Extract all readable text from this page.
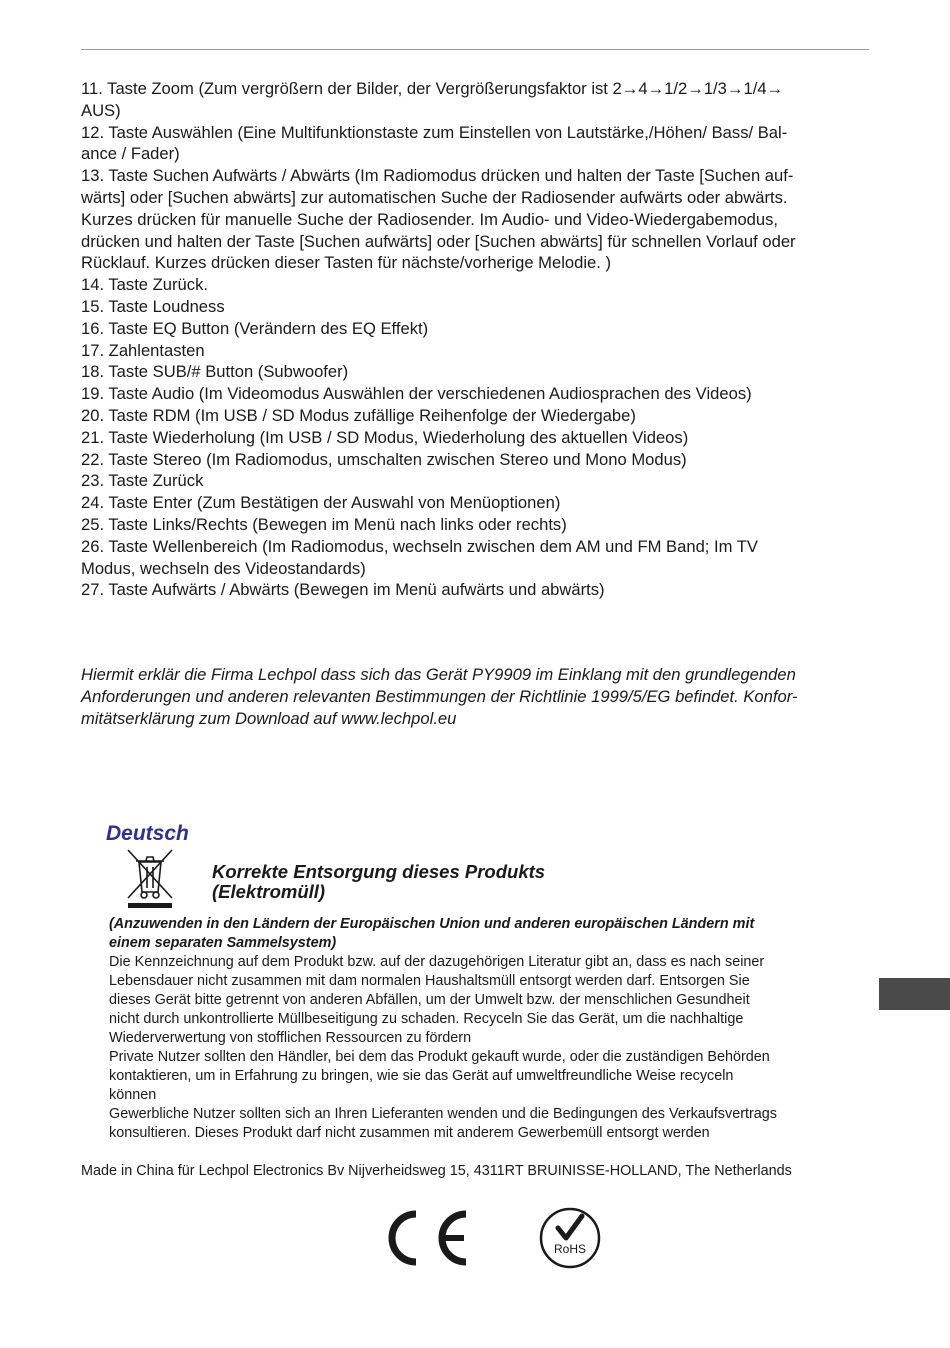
11. Taste Zoom (Zum vergrößern der Bilder, der Vergrößerungsfaktor ist 2→4→1/2→1/3→1/4→
AUS)
12. Taste Auswählen (Eine Multifunktionstaste zum Einstellen von Lautstärke,/Höhen/ Bass/ Bal-
ance / Fader)
13. Taste Suchen Aufwärts / Abwärts (Im Radiomodus drücken und halten der Taste [Suchen auf-
wärts] oder [Suchen abwärts] zur automatischen Suche der Radiosender aufwärts oder abwärts.
Kurzes drücken für manuelle Suche der Radiosender. Im Audio- und Video-Wiedergabemodus,
drücken und halten der Taste [Suchen aufwärts] oder [Suchen abwärts] für schnellen Vorlauf oder
Rücklauf. Kurzes drücken dieser Tasten für nächste/vorherige Melodie. )
14. Taste Zurück.
15. Taste Loudness
16. Taste EQ Button (Verändern des EQ Effekt)
17. Zahlentasten
18. Taste SUB/# Button (Subwoofer)
19. Taste Audio (Im Videomodus Auswählen der verschiedenen Audiosprachen des Videos)
20. Taste RDM (Im USB / SD Modus zufällige Reihenfolge der Wiedergabe)
21. Taste Wiederholung (Im USB / SD Modus, Wiederholung des aktuellen Videos)
22. Taste Stereo (Im Radiomodus, umschalten zwischen Stereo und Mono Modus)
23. Taste Zurück
24. Taste Enter (Zum Bestätigen der Auswahl von Menüoptionen)
25. Taste Links/Rechts (Bewegen im Menü nach links oder rechts)
26. Taste Wellenbereich (Im Radiomodus, wechseln zwischen dem AM und FM Band; Im TV
Modus, wechseln des Videostandards)
27. Taste Aufwärts / Abwärts (Bewegen im Menü aufwärts und abwärts)
Hiermit erklär die Firma Lechpol dass sich das Gerät PY9909 im Einklang mit den grundlegenden
Anforderungen und anderen relevanten Bestimmungen der Richtlinie 1999/5/EG befindet. Konfor-
mitätserklärung zum Download auf www.lechpol.eu
Deutsch
Korrekte Entsorgung dieses Produkts
(Elektromüll)
(Anzuwenden in den Ländern der Europäischen Union und anderen europäischen Ländern mit
einem separaten Sammelsystem)
Die Kennzeichnung auf dem Produkt bzw. auf der dazugehörigen Literatur gibt an, dass es nach seiner
Lebensdauer nicht zusammen mit dam normalen Haushaltsmüll entsorgt werden darf. Entsorgen Sie
dieses Gerät bitte getrennt von anderen Abfällen, um der Umwelt bzw. der menschlichen Gesundheit
nicht durch unkontrollierte Müllbeseitigung zu schaden. Recyceln Sie das Gerät, um die nachhaltige
Wiederverwertung von stofflichen Ressourcen zu fördern
Private Nutzer sollten den Händler, bei dem das Produkt gekauft wurde, oder die zuständigen Behörden
kontaktieren, um in Erfahrung zu bringen, wie sie das Gerät auf umweltfreundliche Weise recyceln
können
Gewerbliche Nutzer sollten sich an Ihren Lieferanten wenden und die Bedingungen des Verkaufsvertrags
konsultieren. Dieses Produkt darf nicht zusammen mit anderem Gewerbemüll entsorgt werden
Made in China für Lechpol Electronics Bv Nijverheidsweg 15, 4311RT BRUINISSE-HOLLAND, The Netherlands
RoHS
